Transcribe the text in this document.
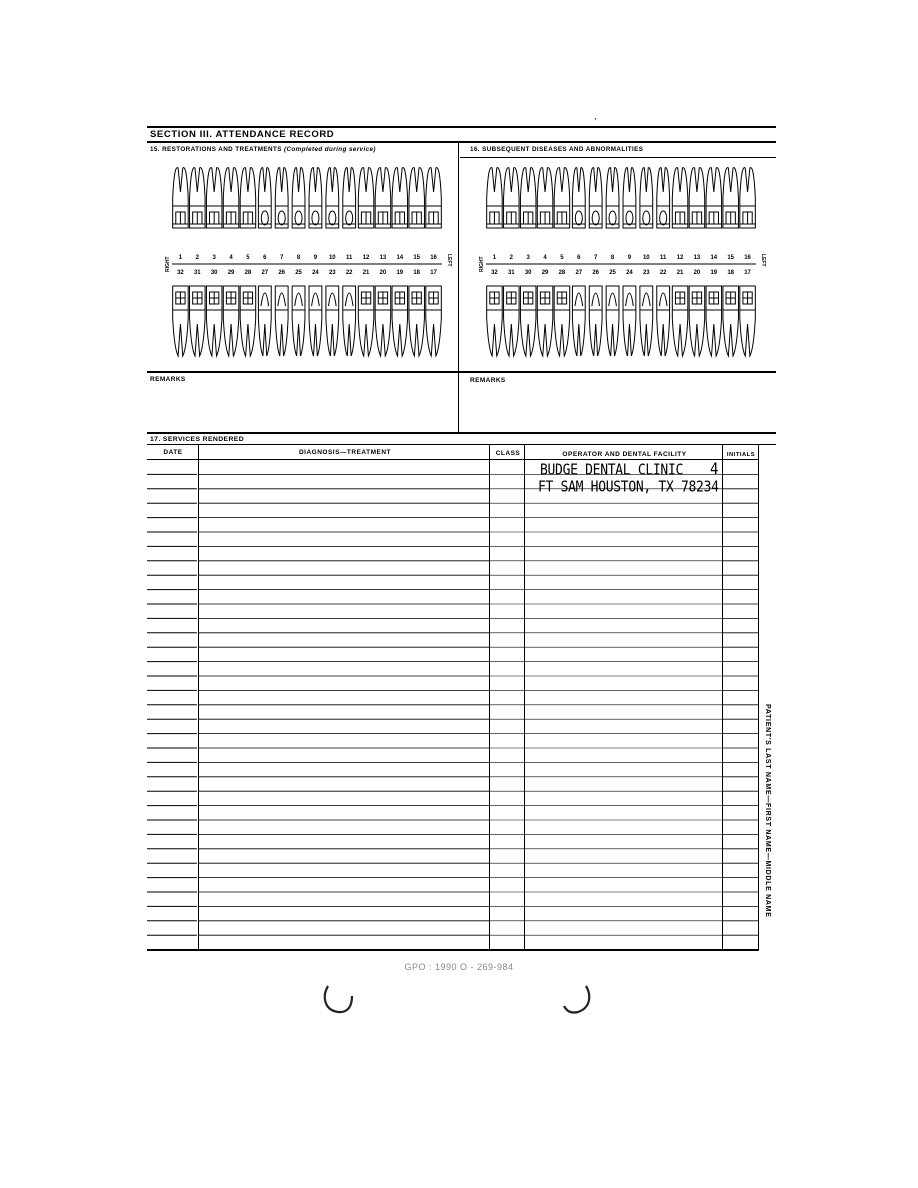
,
SECTION III. ATTENDANCE RECORD
15. RESTORATIONS AND TREATMENTS (Completed during service)	16. SUBSEQUENT DISEASES AND ABNORMALITIES
1
32
2
31
3
30
4
29
5
28
6
27
7
26
8
25
9
24
10
23
11
22
12
21
13
20
14
19
15
18
16
17
RIGHT	LEFT	1
32
2
31
3
30
4
29
5
28
6
27
7
26
8
25
9
24
10
23
11
22
12
21
13
20
14
19
15
18
16
17
RIGHT	LEFT
REMARKS	REMARKS
17. SERVICES RENDERED
DATE	DIAGNOSIS—TREATMENT	CLASS	OPERATOR AND DENTAL FACILITY	INITIALS
BUDGE DENTAL CLINIC
FT SAM HOUSTON, TX 78234
4
PATIENT'S LAST NAME—FIRST NAME—MIDDLE NAME
GPO : 1990 O - 269-984
